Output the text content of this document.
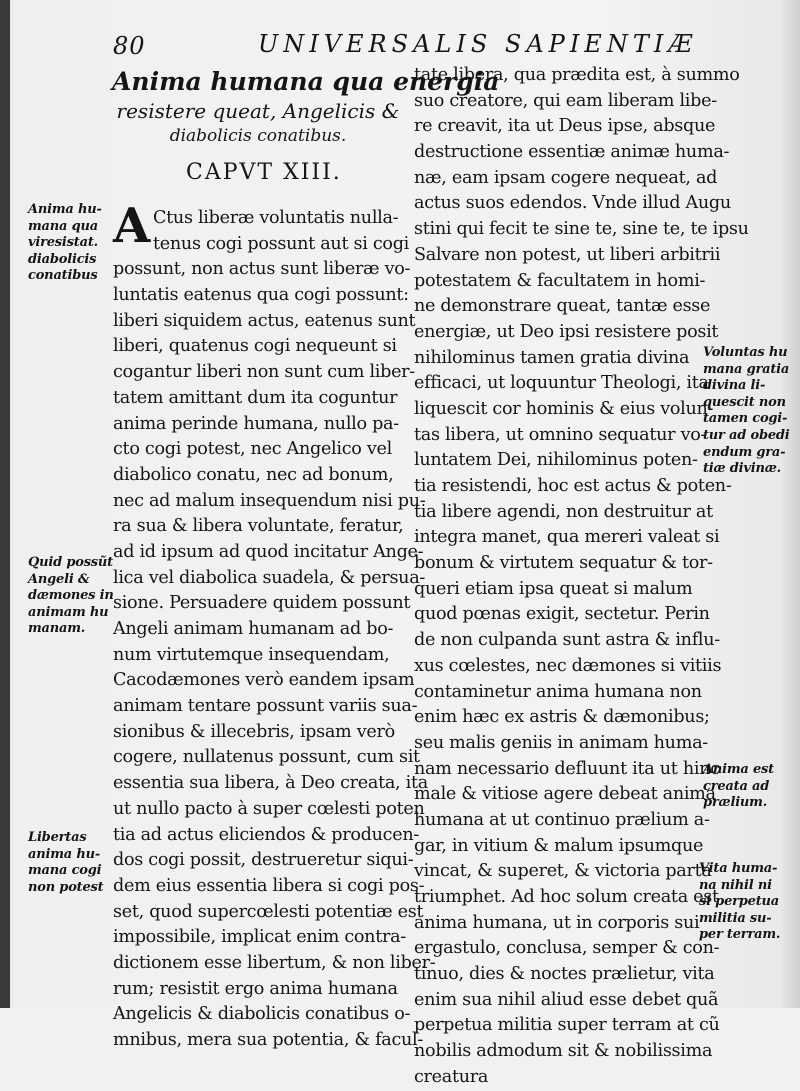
80	UNIVERSALIS SAPIENTIÆ
Anima humana qua energia
resistere queat, Angelicis &
diabolicis conatibus.
CAPVT XIII.
A Ctus liberæ voluntatis nulla-
tenus cogi possunt aut si cogi
possunt, non actus sunt liberæ vo-
luntatis eatenus qua cogi possunt:
liberi siquidem actus, eatenus sunt
liberi, quatenus cogi nequeunt si
cogantur liberi non sunt cum liber-
tatem amittant dum ita coguntur
anima perinde humana, nullo pa-
cto cogi potest, nec Angelico vel
diabolico conatu, nec ad bonum,
nec ad malum insequendum nisi pu-
ra sua & libera voluntate, feratur,
ad id ipsum ad quod incitatur Ange-
lica vel diabolica suadela, & persua-
sione. Persuadere quidem possunt
Angeli animam humanam ad bo-
num virtutemque insequendam,
Cacodæmones verò eandem ipsam
animam tentare possunt variis sua-
sionibus & illecebris, ipsam verò
cogere, nullatenus possunt, cum sit
essentia sua libera, à Deo creata, ita
ut nullo pacto à super cœlesti poten
tia ad actus eliciendos & producen-
dos cogi possit, destrueretur siqui-
dem eius essentia libera si cogi pos-
set, quod supercœlesti potentiæ est
impossibile, implicat enim contra-
dictionem esse libertum, & non liber-
rum; resistit ergo anima humana
Angelicis & diabolicis conatibus o-
mnibus, mera sua potentia, & facul-
tate libera, qua prædita est, à summo
suo creatore, qui eam liberam libe-
re creavit, ita ut Deus ipse, absque
destructione essentiæ animæ huma-
næ, eam ipsam cogere nequeat, ad
actus suos edendos. Vnde illud Augu
stini qui fecit te sine te, sine te, te ipsu
Salvare non potest, ut liberi arbitrii
potestatem & facultatem in homi-
ne demonstrare queat, tantæ esse
energiæ, ut Deo ipsi resistere posit
nihilominus tamen gratia divina
efficaci, ut loquuntur Theologi, ita
liquescit cor hominis & eius volun-
tas libera, ut omnino sequatur vo-
luntatem Dei, nihilominus poten-
tia resistendi, hoc est actus & poten-
tia libere agendi, non destruitur at
integra manet, qua mereri valeat si
bonum & virtutem sequatur & tor-
queri etiam ipsa queat si malum
quod pœnas exigit, sectetur. Perin
de non culpanda sunt astra & influ-
xus cœlestes, nec dæmones si vitiis
contaminetur anima humana non
enim hæc ex astris & dæmonibus;
seu malis geniis in animam huma-
nam necessario defluunt ita ut hinc
male & vitiose agere debeat anima
humana at ut continuo prælium a-
gar, in vitium & malum ipsumque
vincat, & superet, & victoria parta
triumphet. Ad hoc solum creata est
anima humana, ut in corporis sui
ergastulo, conclusa, semper & con-
tinuo, dies & noctes prælietur, vita
enim sua nihil aliud esse debet quã
perpetua militia super terram at cũ
nobilis admodum sit & nobilissima
creatura
Anima hu-
mana qua
viresistat.
diabolicis
conatibus
Quid possũt
Angeli &
dæmones in
animam hu
manam.
Libertas
anima hu-
mana cogi
non potest
Voluntas hu
mana gratia
divina li-
quescit non
tamen cogi-
tur ad obedi
endum gra-
tiæ divinæ.
Anima est
creata ad
prælium.
Vita huma-
na nihil ni
si perpetua
militia su-
per terram.
